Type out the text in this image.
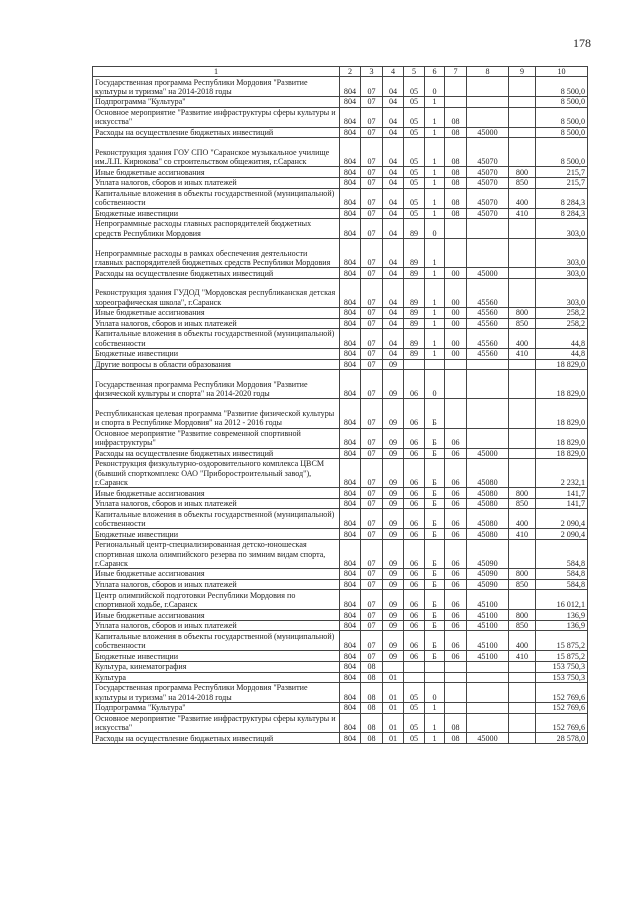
178
1	2	3	4	5	6	7	8	9	10
Государственная программа Республики Мордовия "Развитие культуры и туризма" на 2014-2018 годы	804	07	04	05	0				8 500,0
Подпрограмма "Культура"	804	07	04	05	1				8 500,0
Основное мероприятие "Развитие инфраструктуры сферы культуры и искусства"	804	07	04	05	1	08			8 500,0
Расходы на осуществление бюджетных инвестиций	804	07	04	05	1	08	45000		8 500,0
Реконструкция здания ГОУ СПО "Саранское музыкальное училище им.Л.П. Кирюкова" со строительством общежития, г.Саранск	804	07	04	05	1	08	45070		8 500,0
Иные бюджетные ассигнования	804	07	04	05	1	08	45070	800	215,7
Уплата налогов, сборов и иных платежей	804	07	04	05	1	08	45070	850	215,7
Капитальные вложения в объекты государственной (муниципальной) собственности	804	07	04	05	1	08	45070	400	8 284,3
Бюджетные инвестиции	804	07	04	05	1	08	45070	410	8 284,3
Непрограммные расходы главных распорядителей бюджетных средств Республики Мордовия	804	07	04	89	0				303,0
Непрограммные расходы в рамках обеспечения деятельности главных распорядителей бюджетных средств Республики Мордовия	804	07	04	89	1				303,0
Расходы на осуществление бюджетных инвестиций	804	07	04	89	1	00	45000		303,0
Реконструкция здания ГУДОД "Мордовская республиканская детская хореографическая школа", г.Саранск	804	07	04	89	1	00	45560		303,0
Иные бюджетные ассигнования	804	07	04	89	1	00	45560	800	258,2
Уплата налогов, сборов и иных платежей	804	07	04	89	1	00	45560	850	258,2
Капитальные вложения в объекты государственной (муниципальной) собственности	804	07	04	89	1	00	45560	400	44,8
Бюджетные инвестиции	804	07	04	89	1	00	45560	410	44,8
Другие вопросы в области образования	804	07	09						18 829,0
Государственная программа Республики Мордовия "Развитие физической культуры и спорта" на 2014-2020 годы	804	07	09	06	0				18 829,0
Республиканская целевая программа "Развитие физической культуры и спорта в Республике Мордовия" на 2012 - 2016 годы	804	07	09	06	Б				18 829,0
Основное мероприятие "Развитие современной спортивной инфраструктуры"	804	07	09	06	Б	06			18 829,0
Расходы на осуществление бюджетных инвестиций	804	07	09	06	Б	06	45000		18 829,0
Реконструкция физкультурно-оздоровительного комплекса ЦВСМ (бывший спорткомплекс ОАО "Приборостроительный завод"), г.Саранск	804	07	09	06	Б	06	45080		2 232,1
Иные бюджетные ассигнования	804	07	09	06	Б	06	45080	800	141,7
Уплата налогов, сборов и иных платежей	804	07	09	06	Б	06	45080	850	141,7
Капитальные вложения в объекты государственной (муниципальной) собственности	804	07	09	06	Б	06	45080	400	2 090,4
Бюджетные инвестиции	804	07	09	06	Б	06	45080	410	2 090,4
Региональный центр-специализированная детско-юношеская спортивная школа олимпийского резерва по зимним видам спорта, г.Саранск	804	07	09	06	Б	06	45090		584,8
Иные бюджетные ассигнования	804	07	09	06	Б	06	45090	800	584,8
Уплата налогов, сборов и иных платежей	804	07	09	06	Б	06	45090	850	584,8
Центр олимпийской подготовки Республики Мордовия по спортивной ходьбе, г.Саранск	804	07	09	06	Б	06	45100		16 012,1
Иные бюджетные ассигнования	804	07	09	06	Б	06	45100	800	136,9
Уплата налогов, сборов и иных платежей	804	07	09	06	Б	06	45100	850	136,9
Капитальные вложения в объекты государственной (муниципальной) собственности	804	07	09	06	Б	06	45100	400	15 875,2
Бюджетные инвестиции	804	07	09	06	Б	06	45100	410	15 875,2
Культура, кинематография	804	08							153 750,3
Культура	804	08	01						153 750,3
Государственная программа Республики Мордовия "Развитие культуры и туризма" на 2014-2018 годы	804	08	01	05	0				152 769,6
Подпрограмма "Культура"	804	08	01	05	1				152 769,6
Основное мероприятие "Развитие инфраструктуры сферы культуры и искусства"	804	08	01	05	1	08			152 769,6
Расходы на осуществление бюджетных инвестиций	804	08	01	05	1	08	45000		28 578,0
